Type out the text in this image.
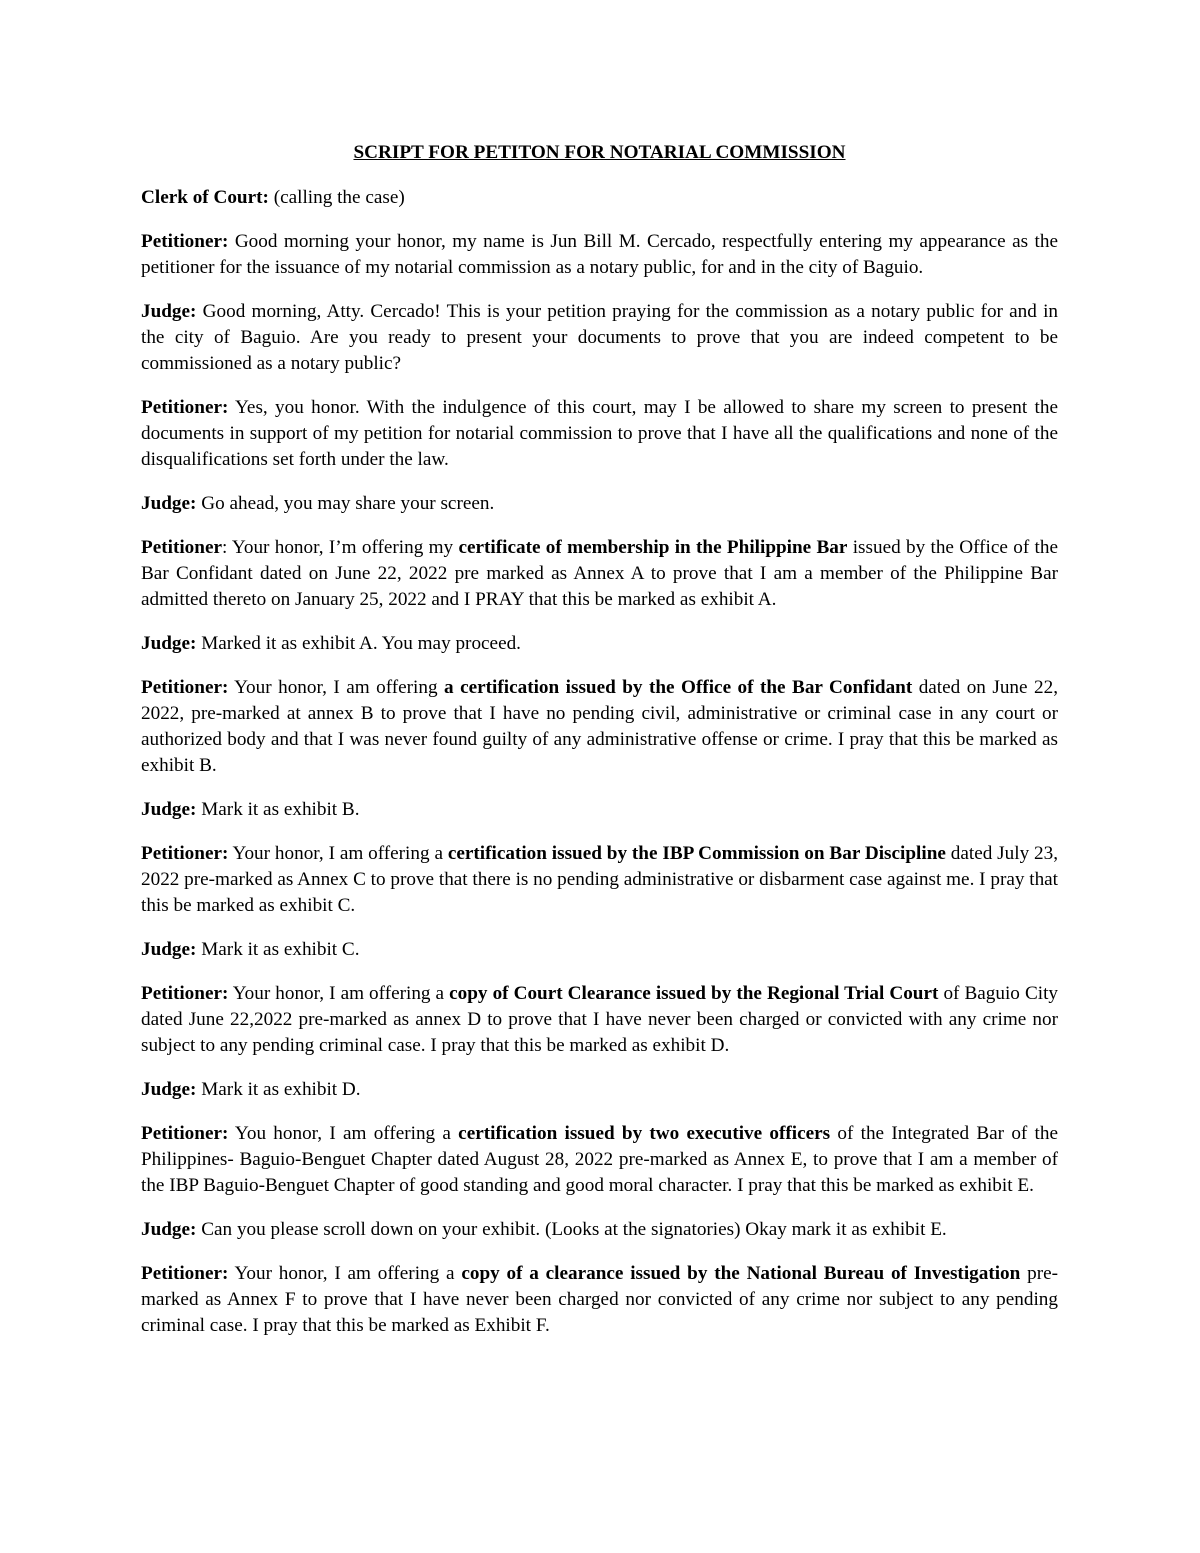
SCRIPT FOR PETITON FOR NOTARIAL COMMISSION

Clerk of Court: (calling the case)

Petitioner: Good morning your honor, my name is Jun Bill M. Cercado, respectfully entering my appearance as the petitioner for the issuance of my notarial commission as a notary public, for and in the city of Baguio.

Judge: Good morning, Atty. Cercado! This is your petition praying for the commission as a notary public for and in the city of Baguio. Are you ready to present your documents to prove that you are indeed competent to be commissioned as a notary public?

Petitioner: Yes, you honor. With the indulgence of this court, may I be allowed to share my screen to present the documents in support of my petition for notarial commission to prove that I have all the qualifications and none of the disqualifications set forth under the law.

Judge: Go ahead, you may share your screen.

Petitioner: Your honor, I’m offering my certificate of membership in the Philippine Bar issued by the Office of the Bar Confidant dated on June 22, 2022 pre marked as Annex A to prove that I am a member of the Philippine Bar admitted thereto on January 25, 2022 and I PRAY that this be marked as exhibit A.

Judge: Marked it as exhibit A. You may proceed.

Petitioner: Your honor, I am offering a certification issued by the Office of the Bar Confidant dated on June 22, 2022, pre-marked at annex B to prove that I have no pending civil, administrative or criminal case in any court or authorized body and that I was never found guilty of any administrative offense or crime. I pray that this be marked as exhibit B.

Judge: Mark it as exhibit B.

Petitioner: Your honor, I am offering a certification issued by the IBP Commission on Bar Discipline dated July 23, 2022 pre-marked as Annex C to prove that there is no pending administrative or disbarment case against me. I pray that this be marked as exhibit C.

Judge: Mark it as exhibit C.

Petitioner: Your honor, I am offering a copy of Court Clearance issued by the Regional Trial Court of Baguio City dated June 22,2022 pre-marked as annex D to prove that I have never been charged or convicted with any crime nor subject to any pending criminal case. I pray that this be marked as exhibit D.

Judge: Mark it as exhibit D.

Petitioner: You honor, I am offering a certification issued by two executive officers of the Integrated Bar of the Philippines- Baguio-Benguet Chapter dated August 28, 2022 pre-marked as Annex E, to prove that I am a member of the IBP Baguio-Benguet Chapter of good standing and good moral character. I pray that this be marked as exhibit E.

Judge: Can you please scroll down on your exhibit. (Looks at the signatories) Okay mark it as exhibit E.

Petitioner: Your honor, I am offering a copy of a clearance issued by the National Bureau of Investigation pre-marked as Annex F to prove that I have never been charged nor convicted of any crime nor subject to any pending criminal case. I pray that this be marked as Exhibit F.
